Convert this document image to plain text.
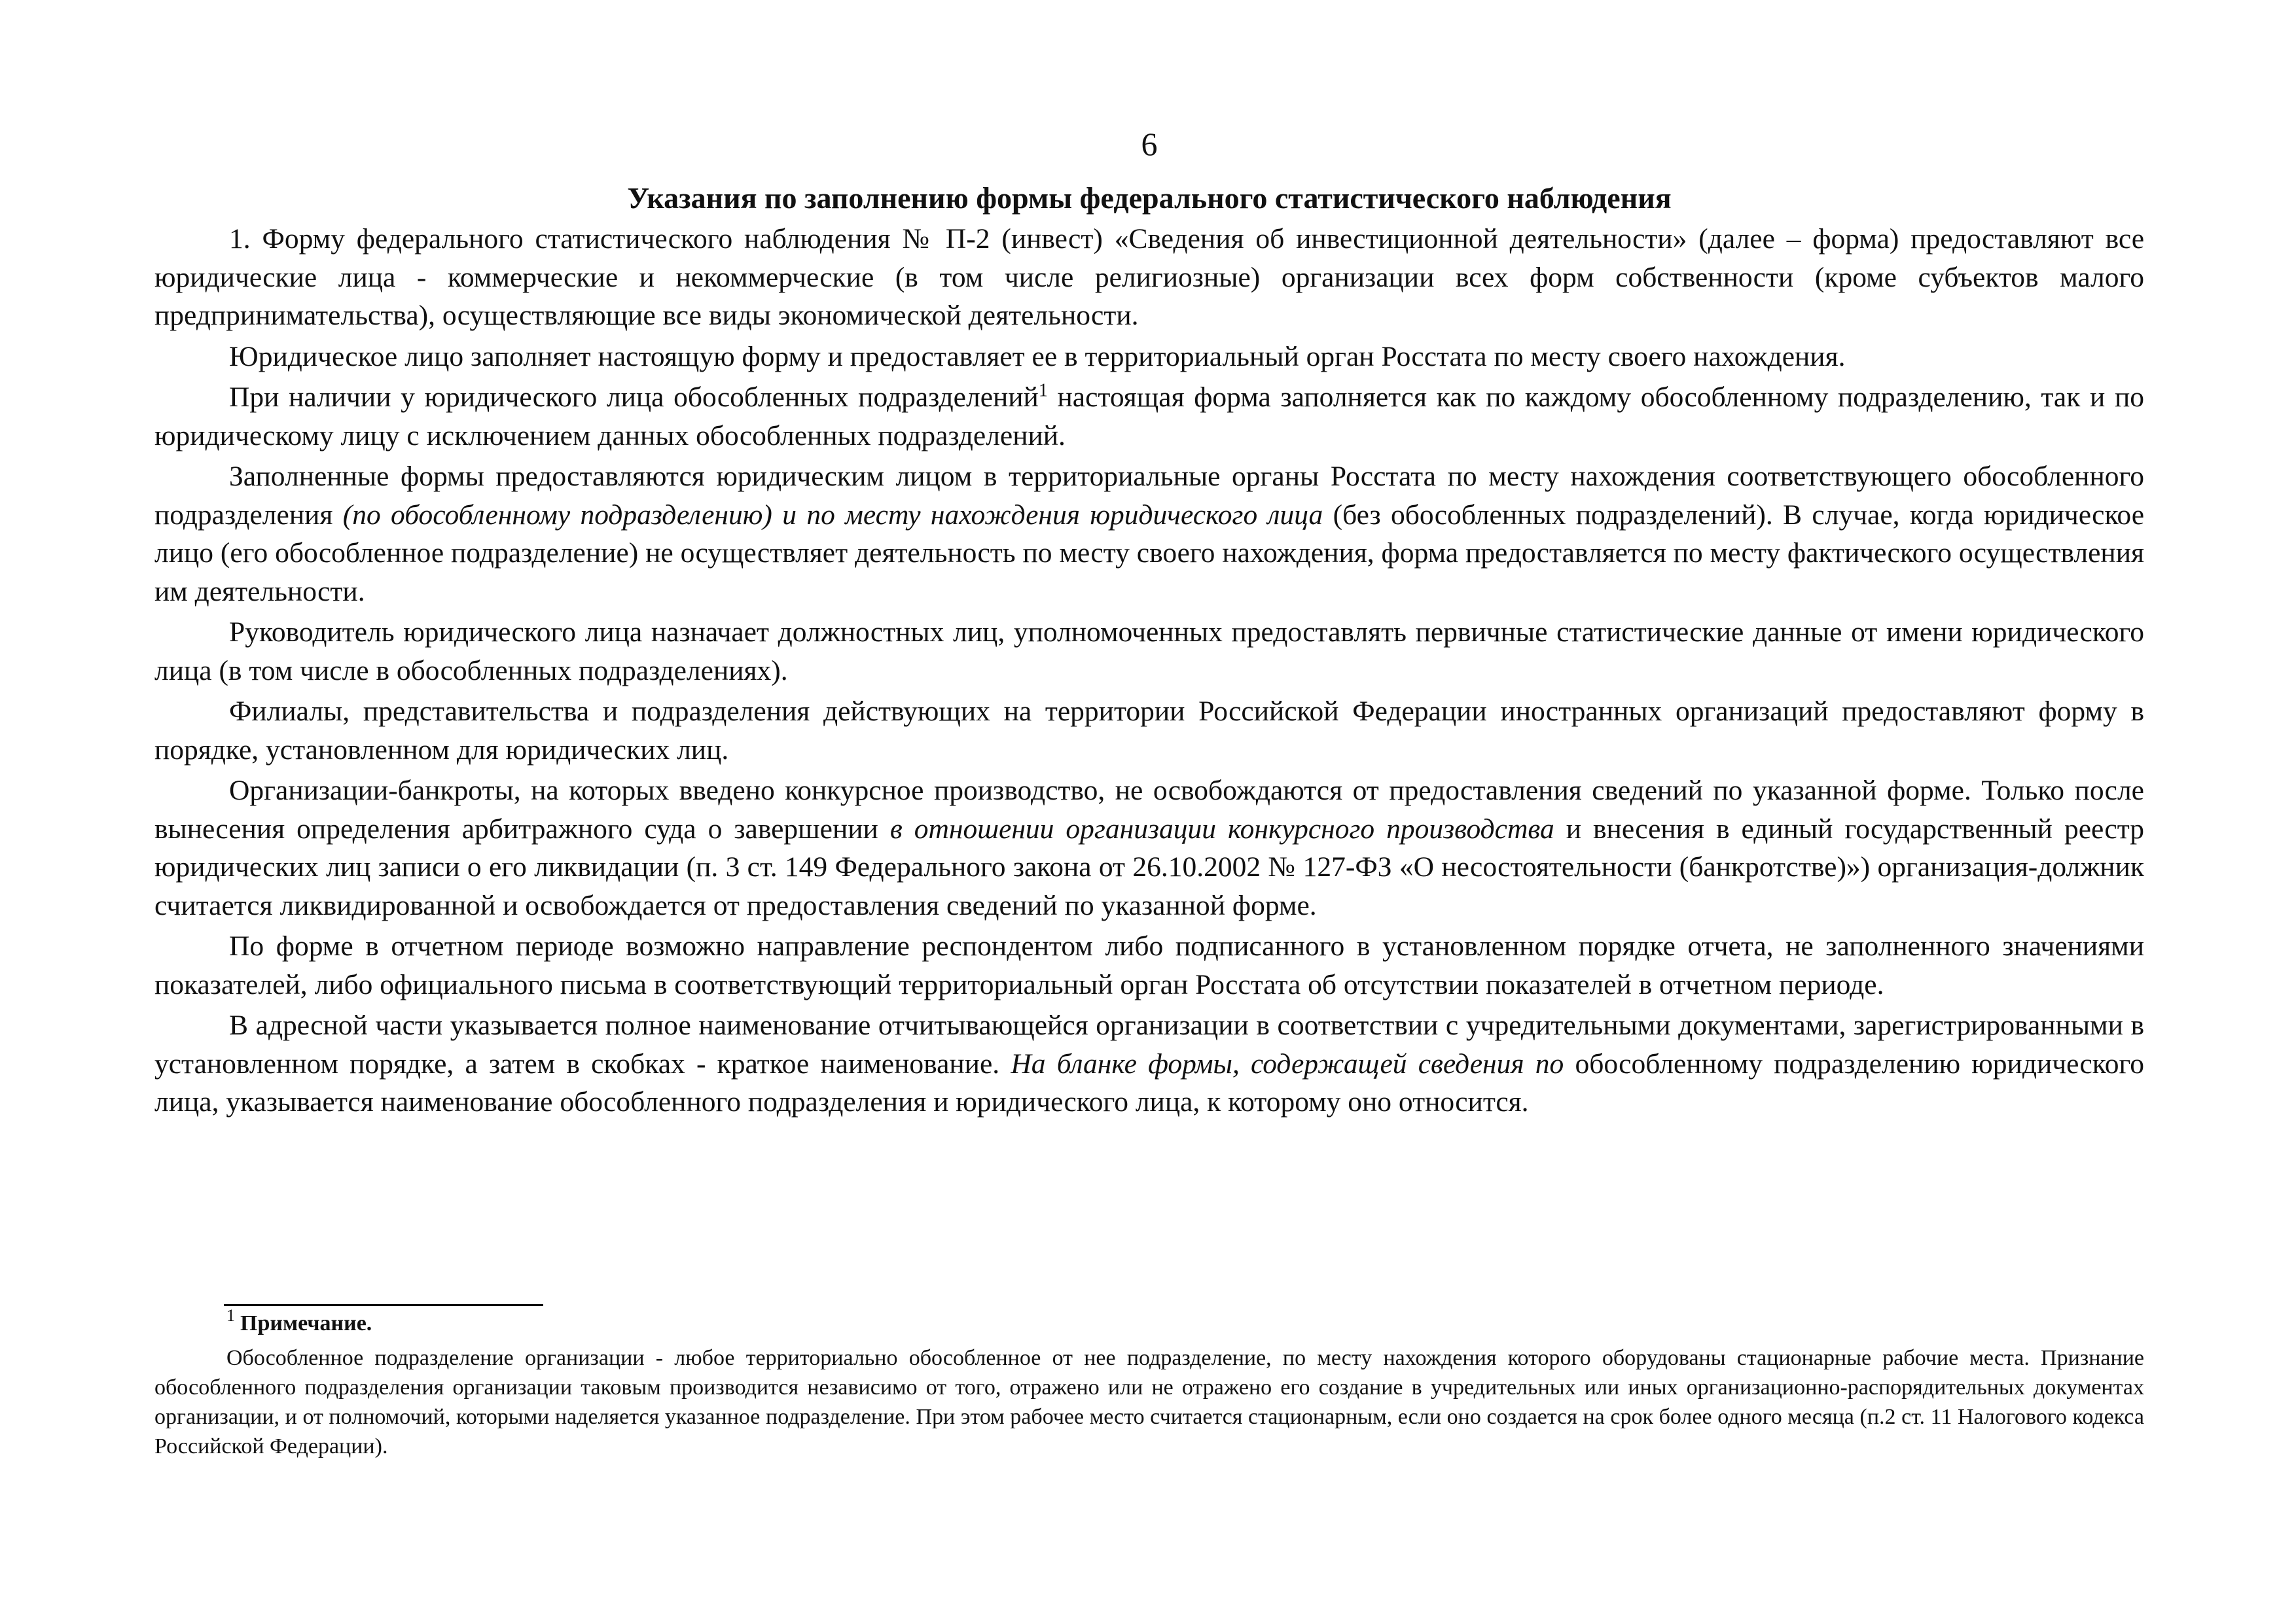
6
Указания по заполнению формы федерального статистического наблюдения

1. Форму федерального статистического наблюдения № П-2 (инвест) «Сведения об инвестиционной деятельности» (далее – форма) предоставляют все юридические лица - коммерческие и некоммерческие (в том числе религиозные) организации всех форм собственности (кроме субъектов малого предпринимательства), осуществляющие все виды экономической деятельности.

Юридическое лицо заполняет настоящую форму и предоставляет ее в территориальный орган Росстата по месту своего нахождения.

При наличии у юридического лица обособленных подразделений$^1$ настоящая форма заполняется как по каждому обособленному подразделению, так и по юридическому лицу с исключением данных обособленных подразделений.

Заполненные формы предоставляются юридическим лицом в территориальные органы Росстата по месту нахождения соответствующего обособленного подразделения (по обособленному подразделению) и по месту нахождения юридического лица (без обособленных подразделений). В случае, когда юридическое лицо (его обособленное подразделение) не осуществляет деятельность по месту своего нахождения, форма предоставляется по месту фактического осуществления им деятельности.

Руководитель юридического лица назначает должностных лиц, уполномоченных предоставлять первичные статистические данные от имени юридического лица (в том числе в обособленных подразделениях).

Филиалы, представительства и подразделения действующих на территории Российской Федерации иностранных организаций предоставляют форму в порядке, установленном для юридических лиц.

Организации-банкроты, на которых введено конкурсное производство, не освобождаются от предоставления сведений по указанной форме. Только после вынесения определения арбитражного суда о завершении в отношении организации конкурсного производства и внесения в единый государственный реестр юридических лиц записи о его ликвидации (п. 3 ст. 149 Федерального закона от 26.10.2002 № 127-ФЗ «О несостоятельности (банкротстве)») организация-должник считается ликвидированной и освобождается от предоставления сведений по указанной форме.

По форме в отчетном периоде возможно направление респондентом либо подписанного в установленном порядке отчета, не заполненного значениями показателей, либо официального письма в соответствующий территориальный орган Росстата об отсутствии показателей в отчетном периоде.

В адресной части указывается полное наименование отчитывающейся организации в соответствии с учредительными документами, зарегистрированными в установленном порядке, а затем в скобках - краткое наименование. На бланке формы, содержащей сведения по обособленному подразделению юридического лица, указывается наименование обособленного подразделения и юридического лица, к которому оно относится.

$^1$ Примечание.

Обособленное подразделение организации - любое территориально обособленное от нее подразделение, по месту нахождения которого оборудованы стационарные рабочие места. Признание обособленного подразделения организации таковым производится независимо от того, отражено или не отражено его создание в учредительных или иных организационно-распорядительных документах организации, и от полномочий, которыми наделяется указанное подразделение. При этом рабочее место считается стационарным, если оно создается на срок более одного месяца (п.2 ст. 11 Налогового кодекса Российской Федерации).
